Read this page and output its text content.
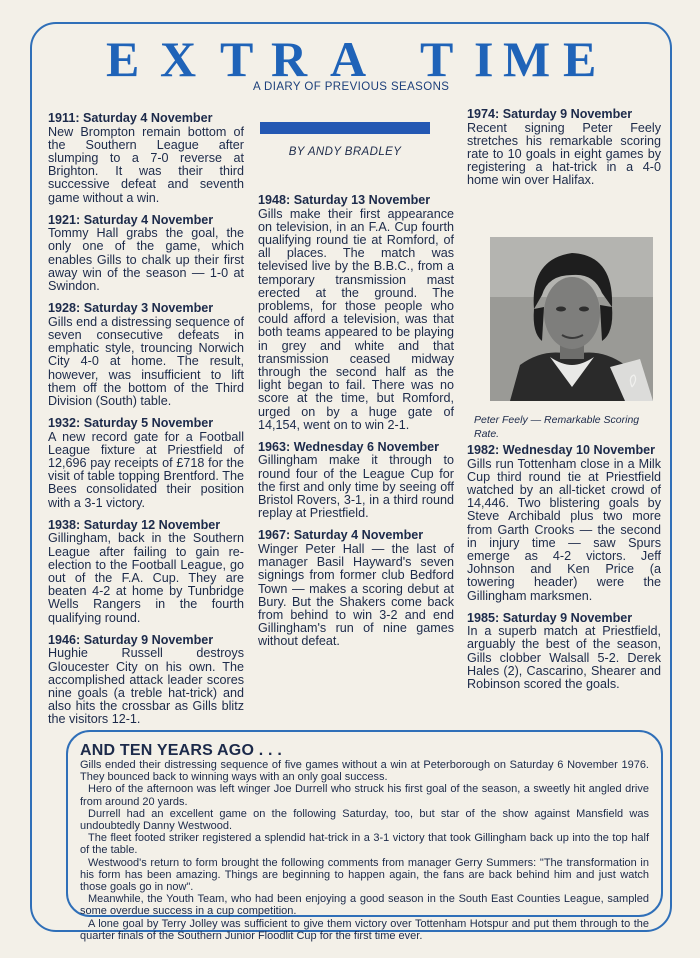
E X T R A T I M E
A DIARY OF PREVIOUS SEASONS
1911: Saturday 4 November

New Brompton remain bottom of the Southern League after slumping to a 7-0 reverse at Brighton. It was their third successive defeat and seventh game without a win.

1921: Saturday 4 November

Tommy Hall grabs the goal, the only one of the game, which enables Gills to chalk up their first away win of the season — 1-0 at Swindon.

1928: Saturday 3 November

Gills end a distressing sequence of seven consecutive defeats in emphatic style, trouncing Norwich City 4-0 at home. The result, however, was insufficient to lift them off the bottom of the Third Division (South) table.

1932: Saturday 5 November

A new record gate for a Football League fixture at Priestfield of 12,696 pay receipts of £718 for the visit of table topping Brentford. The Bees consolidated their position with a 3-1 victory.

1938: Saturday 12 November

Gillingham, back in the Southern League after failing to gain re-election to the Football League, go out of the F.A. Cup. They are beaten 4-2 at home by Tunbridge Wells Rangers in the fourth qualifying round.

1946: Saturday 9 November

Hughie Russell destroys Gloucester City on his own. The accomplished attack leader scores nine goals (a treble hat-trick) and also hits the crossbar as Gills blitz the visitors 12-1.

BY ANDY BRADLEY
1948: Saturday 13 November

Gills make their first appearance on television, in an F.A. Cup fourth qualifying round tie at Romford, of all places. The match was televised live by the B.B.C., from a temporary transmission mast erected at the ground. The problems, for those people who could afford a television, was that both teams appeared to be playing in grey and white and that transmission ceased midway through the second half as the light began to fail. There was no score at the time, but Romford, urged on by a huge gate of 14,154, went on to win 2-1.

1963: Wednesday 6 November

Gillingham make it through to round four of the League Cup for the first and only time by seeing off Bristol Rovers, 3-1, in a third round replay at Priestfield.

1967: Saturday 4 November

Winger Peter Hall — the last of manager Basil Hayward's seven signings from former club Bedford Town — makes a scoring debut at Bury. But the Shakers come back from behind to win 3-2 and end Gillingham's run of nine games without defeat.

1974: Saturday 9 November

Recent signing Peter Feely stretches his remarkable scoring rate to 10 goals in eight games by registering a hat-trick in a 4-0 home win over Halifax.

Peter Feely — Remarkable Scoring Rate.
1982: Wednesday 10 November

Gills run Tottenham close in a Milk Cup third round tie at Priestfield watched by an all-ticket crowd of 14,446. Two blistering goals by Steve Archibald plus two more from Garth Crooks — the second in injury time — saw Spurs emerge as 4-2 victors. Jeff Johnson and Ken Price (a towering header) were the Gillingham marksmen.

1985: Saturday 9 November

In a superb match at Priestfield, arguably the best of the season, Gills clobber Walsall 5-2. Derek Hales (2), Cascarino, Shearer and Robinson scored the goals.

AND TEN YEARS AGO . . .

Gills ended their distressing sequence of five games without a win at Peterborough on Saturday 6 November 1976. They bounced back to winning ways with an only goal success.

Hero of the afternoon was left winger Joe Durrell who struck his first goal of the season, a sweetly hit angled drive from around 20 yards.

Durrell had an excellent game on the following Saturday, too, but star of the show against Mansfield was undoubtedly Danny Westwood.

The fleet footed striker registered a splendid hat-trick in a 3-1 victory that took Gillingham back up into the top half of the table.

Westwood's return to form brought the following comments from manager Gerry Summers: "The transformation in his form has been amazing. Things are beginning to happen again, the fans are back behind him and just watch those goals go in now".

Meanwhile, the Youth Team, who had been enjoying a good season in the South East Counties League, sampled some overdue success in a cup competition.

A lone goal by Terry Jolley was sufficient to give them victory over Tottenham Hotspur and put them through to the quarter finals of the Southern Junior Floodlit Cup for the first time ever.
